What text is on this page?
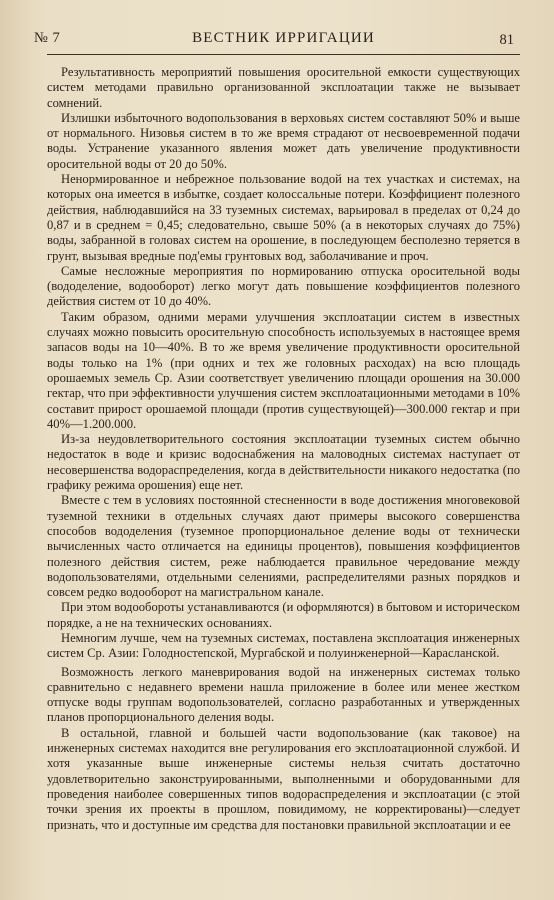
№ 7	ВЕСТНИК ИРРИГАЦИИ	81

Результативность мероприятий повышения оросительной емкости существующих систем методами правильно организованной эксплоатации также не вызывает сомнений.

Излишки избыточного водопользования в верховьях систем составляют 50% и выше от нормального. Низовья систем в то же время страдают от несвоевременной подачи воды. Устранение указанного явления может дать увеличение продуктивности оросительной воды от 20 до 50%.

Ненормированное и небрежное пользование водой на тех участках и системах, на которых она имеется в избытке, создает колоссальные потери. Коэффициент полезного действия, наблюдавшийся на 33 туземных системах, варьировал в пределах от 0,24 до 0,87 и в среднем = 0,45; следовательно, свыше 50% (а в некоторых случаях до 75%) воды, забранной в головах систем на орошение, в последующем бесполезно теряется в грунт, вызывая вредные под'емы грунтовых вод, заболачивание и проч.

Самые несложные мероприятия по нормированию отпуска оросительной воды (вододеление, водооборот) легко могут дать повышение коэффициентов полезного действия систем от 10 до 40%.

Таким образом, одними мерами улучшения эксплоатации систем в известных случаях можно повысить оросительную способность используемых в настоящее время запасов воды на 10—40%. В то же время увеличение продуктивности оросительной воды только на 1% (при одних и тех же головных расходах) на всю площадь орошаемых земель Ср. Азии соответствует увеличению площади орошения на 30.000 гектар, что при эффективности улучшения систем эксплоатационными методами в 10% составит прирост орошаемой площади (против существующей)—300.000 гектар и при 40%—1.200.000.

Из-за неудовлетворительного состояния эксплоатации туземных систем обычно недостаток в воде и кризис водоснабжения на маловодных системах наступает от несовершенства водораспределения, когда в действительности никакого недостатка (по графику режима орошения) еще нет.

Вместе с тем в условиях постоянной стесненности в воде достижения многовековой туземной техники в отдельных случаях дают примеры высокого совершенства способов вододеления (туземное пропорциональное деление воды от технически вычисленных часто отличается на единицы процентов), повышения коэффициентов полезного действия систем, реже наблюдается правильное чередование между водопользователями, отдельными селениями, распределителями разных порядков и совсем редко водооборот на магистральном канале.

При этом водообороты устанавливаются (и оформляются) в бытовом и историческом порядке, а не на технических основаниях.

Немногим лучше, чем на туземных системах, поставлена эксплоатация инженерных систем Ср. Азии: Голодностепской, Мургабской и полуинженерной—Карасланской.

Возможность легкого маневрирования водой на инженерных системах только сравнительно с недавнего времени нашла приложение в более или менее жестком отпуске воды группам водопользователей, согласно разработанных и утвержденных планов пропорционального деления воды.

В остальной, главной и большей части водопользование (как таковое) на инженерных системах находится вне регулирования его эксплоатационной службой. И хотя указанные выше инженерные системы нельзя считать достаточно удовлетворительно законструированными, выполненными и оборудованными для проведения наиболее совершенных типов водораспределения и эксплоатации (с этой точки зрения их проекты в прошлом, повидимому, не корректированы)—следует признать, что и доступные им средства для постановки правильной эксплоатации и ее
